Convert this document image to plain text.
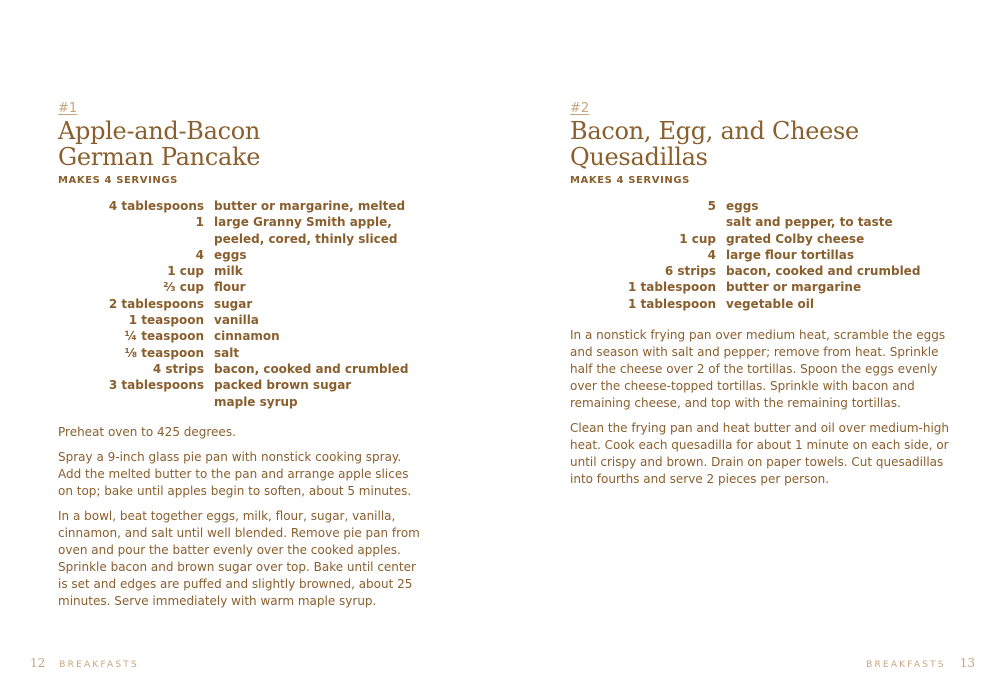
#1
Apple-and-Bacon
German Pancake
MAKES 4 SERVINGS
4 tablespoons	butter or margarine, melted
1	large Granny Smith apple,
peeled, cored, thinly sliced
4	eggs
1 cup	milk
⅔ cup	flour
2 tablespoons	sugar
1 teaspoon	vanilla
¼ teaspoon	cinnamon
⅛ teaspoon	salt
4 strips	bacon, cooked and crumbled
3 tablespoons	packed brown sugar
	maple syrup

Preheat oven to 425 degrees.

Spray a 9-inch glass pie pan with nonstick cooking spray. Add the melted butter to the pan and arrange apple slices on top; bake until apples begin to soften, about 5 minutes.

In a bowl, beat together eggs, milk, flour, sugar, vanilla, cinnamon, and salt until well blended. Remove pie pan from oven and pour the batter evenly over the cooked apples. Sprinkle bacon and brown sugar over top. Bake until center is set and edges are puffed and slightly browned, about 25 minutes. Serve immediately with warm maple syrup.

12 BREAKFASTS
#2
Bacon, Egg, and Cheese
Quesadillas
MAKES 4 SERVINGS
5	eggs
	salt and pepper, to taste
1 cup	grated Colby cheese
4	large flour tortillas
6 strips	bacon, cooked and crumbled
1 tablespoon	butter or margarine
1 tablespoon	vegetable oil

In a nonstick frying pan over medium heat, scramble the eggs and season with salt and pepper; remove from heat. Sprinkle half the cheese over 2 of the tortillas. Spoon the eggs evenly over the cheese-topped tortillas. Sprinkle with bacon and remaining cheese, and top with the remaining tortillas.

Clean the frying pan and heat butter and oil over medium-high heat. Cook each quesadilla for about 1 minute on each side, or until crispy and brown. Drain on paper towels. Cut quesadillas into fourths and serve 2 pieces per person.

BREAKFASTS 13
